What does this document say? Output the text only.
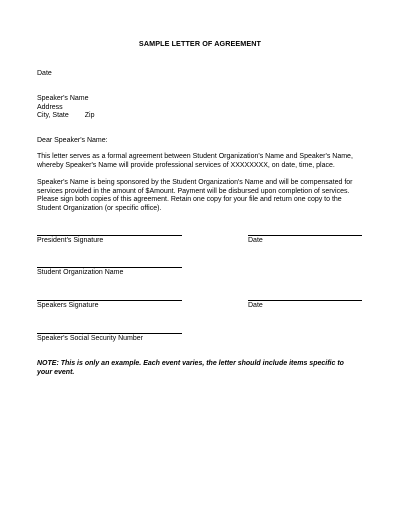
SAMPLE LETTER OF AGREEMENT
Date
Speaker's Name
Address
City, State Zip
Dear Speaker's Name:
This letter serves as a formal agreement between Student Organization's Name and Speaker's Name,
whereby Speaker's Name will provide professional services of XXXXXXXX, on date, time, place.
Speaker's Name is being sponsored by the Student Organization's Name and will be compensated for
services provided in the amount of $Amount. Payment will be disbursed upon completion of services.
Please sign both copies of this agreement. Retain one copy for your file and return one copy to the
Student Organization (or specific office).
President's Signature	Date
Student Organization Name
Speakers Signature	Date
Speaker's Social Security Number
NOTE: This is only an example. Each event varies, the letter should include items specific to
your event.
